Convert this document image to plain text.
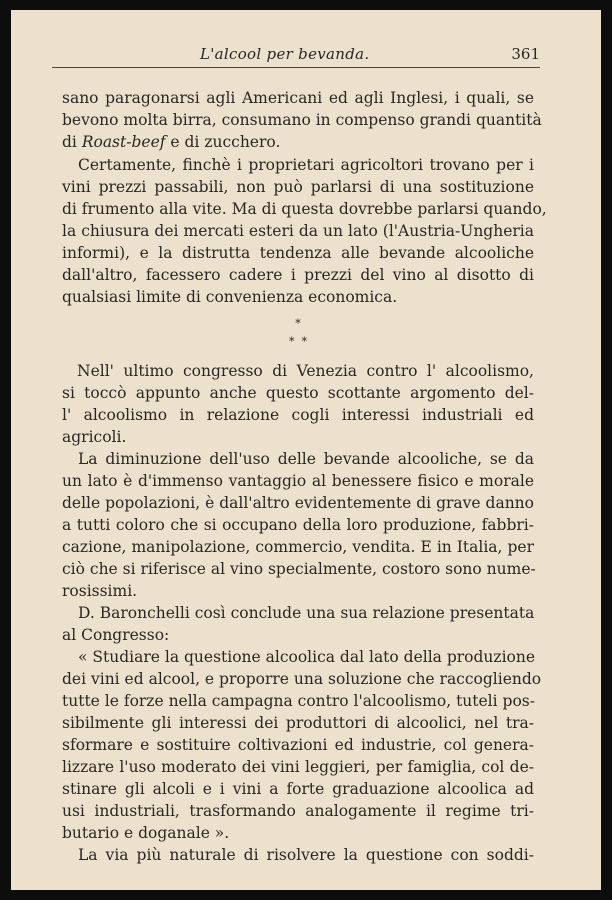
L'alcool per bevanda.	361
sano paragonarsi agli Americani ed agli Inglesi, i quali, se
bevono molta birra, consumano in compenso grandi quantità
di Roast-beef e di zucchero.
Certamente, finchè i proprietari agricoltori trovano per i
vini prezzi passabili, non può parlarsi di una sostituzione
di frumento alla vite. Ma di questa dovrebbe parlarsi quando,
la chiusura dei mercati esteri da un lato (l'Austria-Ungheria
informi), e la distrutta tendenza alle bevande alcooliche
dall'altro, facessero cadere i prezzi del vino al disotto di
qualsiasi limite di convenienza economica.
*
*  *
Nell' ultimo congresso di Venezia contro l' alcoolismo,
si toccò appunto anche questo scottante argomento del-
l' alcoolismo in relazione cogli interessi industriali ed
agricoli.
La diminuzione dell'uso delle bevande alcooliche, se da
un lato è d'immenso vantaggio al benessere fisico e morale
delle popolazioni, è dall'altro evidentemente di grave danno
a tutti coloro che si occupano della loro produzione, fabbri-
cazione, manipolazione, commercio, vendita. E in Italia, per
ciò che si riferisce al vino specialmente, costoro sono nume-
rosissimi.
D. Baronchelli così conclude una sua relazione presentata
al Congresso:
« Studiare la questione alcoolica dal lato della produzione
dei vini ed alcool, e proporre una soluzione che raccogliendo
tutte le forze nella campagna contro l'alcoolismo, tuteli pos-
sibilmente gli interessi dei produttori di alcoolici, nel tra-
sformare e sostituire coltivazioni ed industrie, col genera-
lizzare l'uso moderato dei vini leggieri, per famiglia, col de-
stinare gli alcoli e i vini a forte graduazione alcoolica ad
usi industriali, trasformando analogamente il regime tri-
butario e doganale ».
La via più naturale di risolvere la questione con soddi-
